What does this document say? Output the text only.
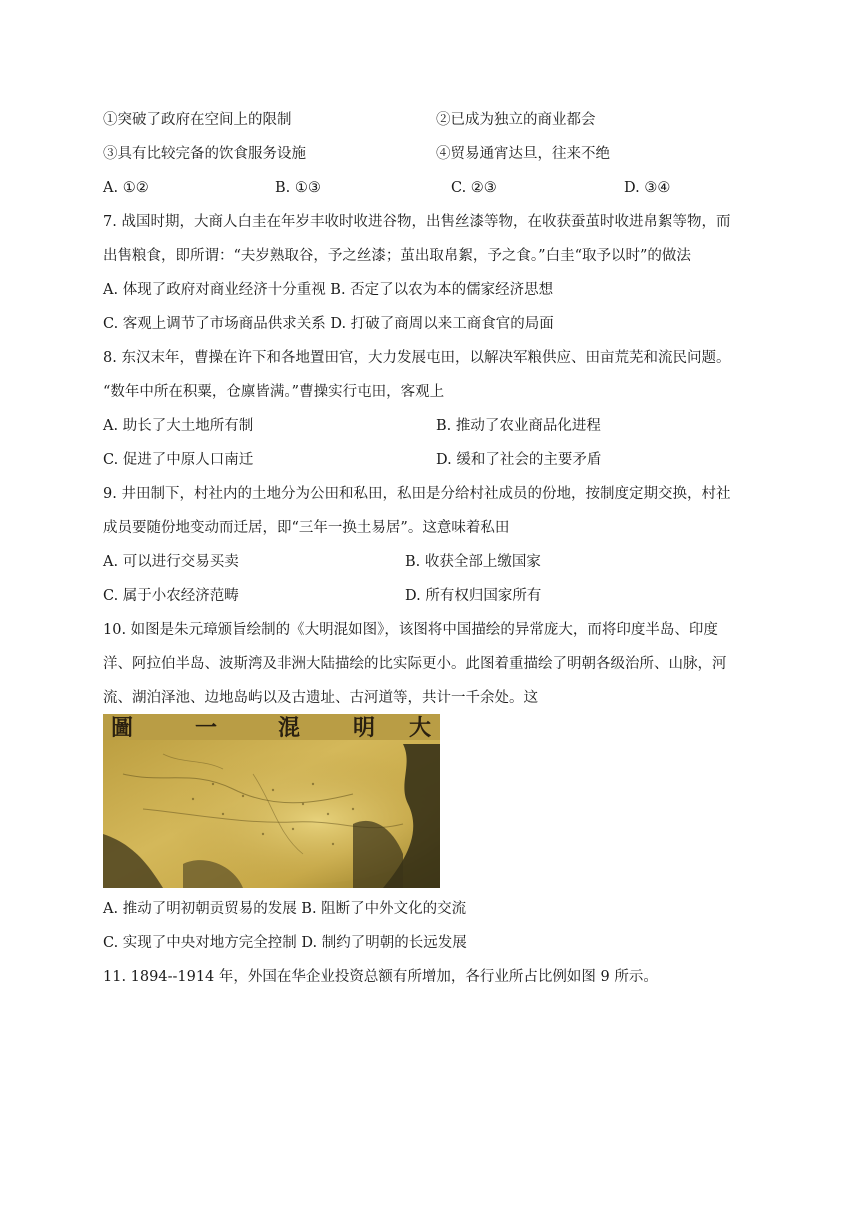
①突破了政府在空间上的限制	②已成为独立的商业都会
③具有比较完备的饮食服务设施	④贸易通宵达旦，往来不绝
A. ①②	B. ①③	C. ②③	D. ③④
7. 战国时期，大商人白圭在年岁丰收时收进谷物，出售丝漆等物，在收获蚕茧时收进帛絮等物，而
出售粮食，即所谓：“夫岁熟取谷，予之丝漆；茧出取帛絮，予之食。”白圭“取予以时”的做法
A. 体现了政府对商业经济十分重视 B. 否定了以农为本的儒家经济思想
C. 客观上调节了市场商品供求关系 D. 打破了商周以来工商食官的局面
8. 东汉末年，曹操在许下和各地置田官，大力发展屯田，以解决军粮供应、田亩荒芜和流民问题。
“数年中所在积粟，仓廪皆满。”曹操实行屯田，客观上
A. 助长了大土地所有制	B. 推动了农业商品化进程
C. 促进了中原人口南迁	D. 缓和了社会的主要矛盾
9. 井田制下，村社内的土地分为公田和私田，私田是分给村社成员的份地，按制度定期交换，村社
成员要随份地变动而迁居，即“三年一换土易居”。这意味着私田
A. 可以进行交易买卖	B. 收获全部上缴国家
C. 属于小农经济范畴	D. 所有权归国家所有
10. 如图是朱元璋颁旨绘制的《大明混如图》，该图将中国描绘的异常庞大，而将印度半岛、印度
洋、阿拉伯半岛、波斯湾及非洲大陆描绘的比实际更小。此图着重描绘了明朝各级治所、山脉，河
流、湖泊泽池、边地岛屿以及古遗址、古河道等，共计一千余处。这
圖	一	混 明 大
A. 推动了明初朝贡贸易的发展 B. 阻断了中外文化的交流
C. 实现了中央对地方完全控制 D. 制约了明朝的长远发展
11. 1894--1914 年，外国在华企业投资总额有所增加，各行业所占比例如图 9 所示。
